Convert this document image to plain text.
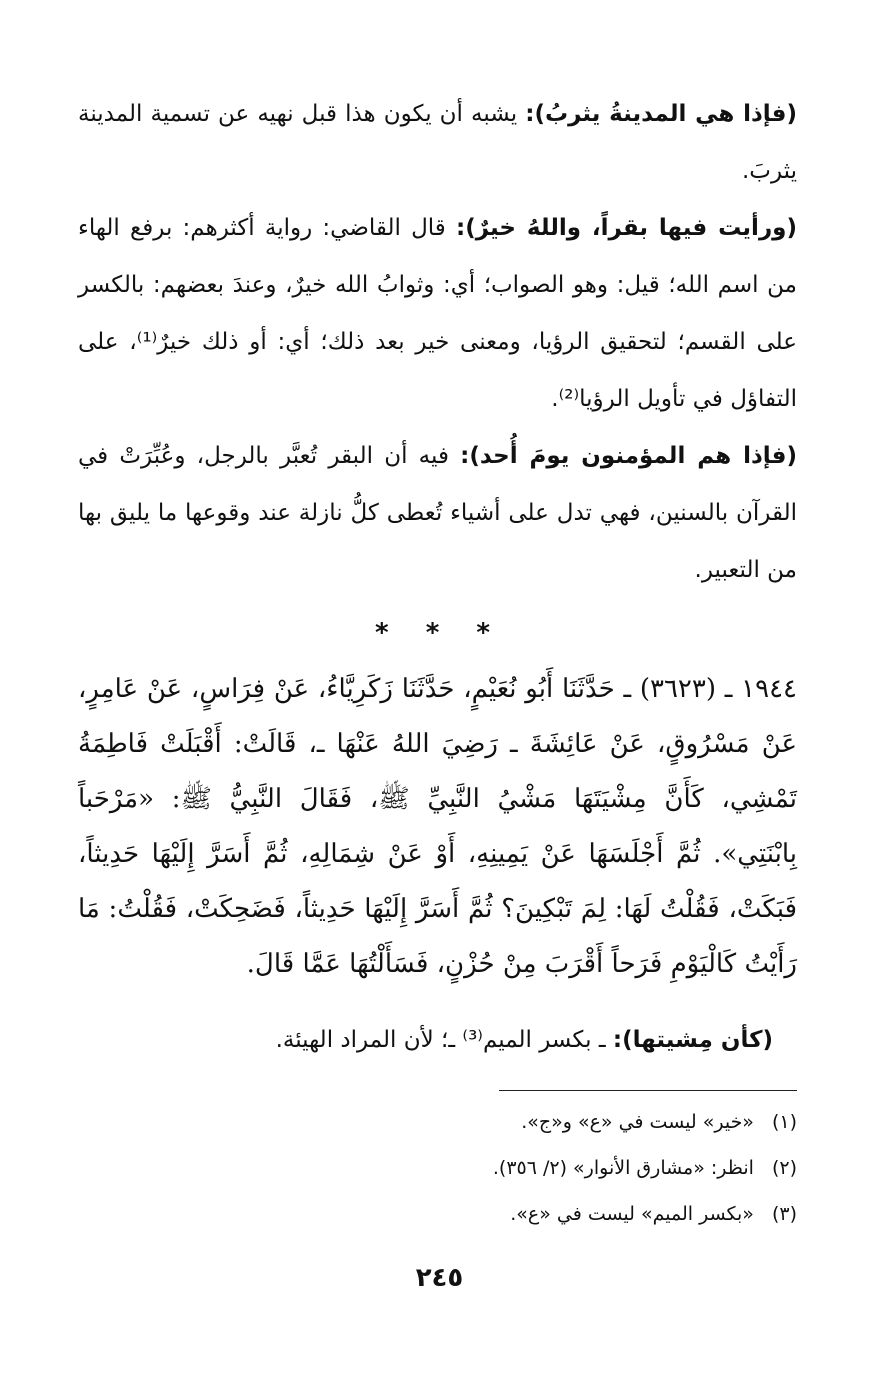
(فإذا هي المدينةُ يثربُ): يشبه أن يكون هذا قبل نهيه عن تسمية المدينة يثربَ.

(ورأيت فيها بقراً، واللهُ خيرٌ): قال القاضي: رواية أكثرهم: برفع الهاء من اسم الله؛ قيل: وهو الصواب؛ أي: وثوابُ الله خيرٌ، وعندَ بعضهم: بالكسر على القسم؛ لتحقيق الرؤيا، ومعنى خير بعد ذلك؛ أي: أو ذلك خيرٌ⁽¹⁾، على التفاؤل في تأويل الرؤيا⁽²⁾.

(فإذا هم المؤمنون يومَ أُحد): فيه أن البقر تُعبَّر بالرجل، وعُبِّرَتْ في القرآن بالسنين، فهي تدل على أشياء تُعطى كلُّ نازلة عند وقوعها ما يليق بها من التعبير.

* * *

١٩٤٤ ـ (٣٦٢٣) ـ حَدَّثَنَا أَبُو نُعَيْمٍ، حَدَّثَنَا زَكَرِيَّاءُ، عَنْ فِرَاسٍ، عَنْ عَامِرٍ، عَنْ مَسْرُوقٍ، عَنْ عَائِشَةَ ـ رَضِيَ اللهُ عَنْهَا ـ، قَالَتْ: أَقْبَلَتْ فَاطِمَةُ تَمْشِي، كَأَنَّ مِشْيَتَهَا مَشْيُ النَّبِيِّ ﷺ، فَقَالَ النَّبِيُّ ﷺ: «مَرْحَباً بِابْنَتِي». ثُمَّ أَجْلَسَهَا عَنْ يَمِينِهِ، أَوْ عَنْ شِمَالِهِ، ثُمَّ أَسَرَّ إِلَيْهَا حَدِيثاً، فَبَكَتْ، فَقُلْتُ لَهَا: لِمَ تَبْكِينَ؟ ثُمَّ أَسَرَّ إِلَيْهَا حَدِيثاً، فَضَحِكَتْ، فَقُلْتُ: مَا رَأَيْتُ كَالْيَوْمِ فَرَحاً أَقْرَبَ مِنْ حُزْنٍ، فَسَأَلْتُهَا عَمَّا قَالَ.

(كأن مِشيتها): ـ بكسر الميم⁽³⁾ ـ؛ لأن المراد الهيئة.

(١)«خير» ليست في «ع» و«ج».
(٢)انظر: «مشارق الأنوار» (٢/ ٣٥٦).
(٣)«بكسر الميم» ليست في «ع».
٢٤٥
